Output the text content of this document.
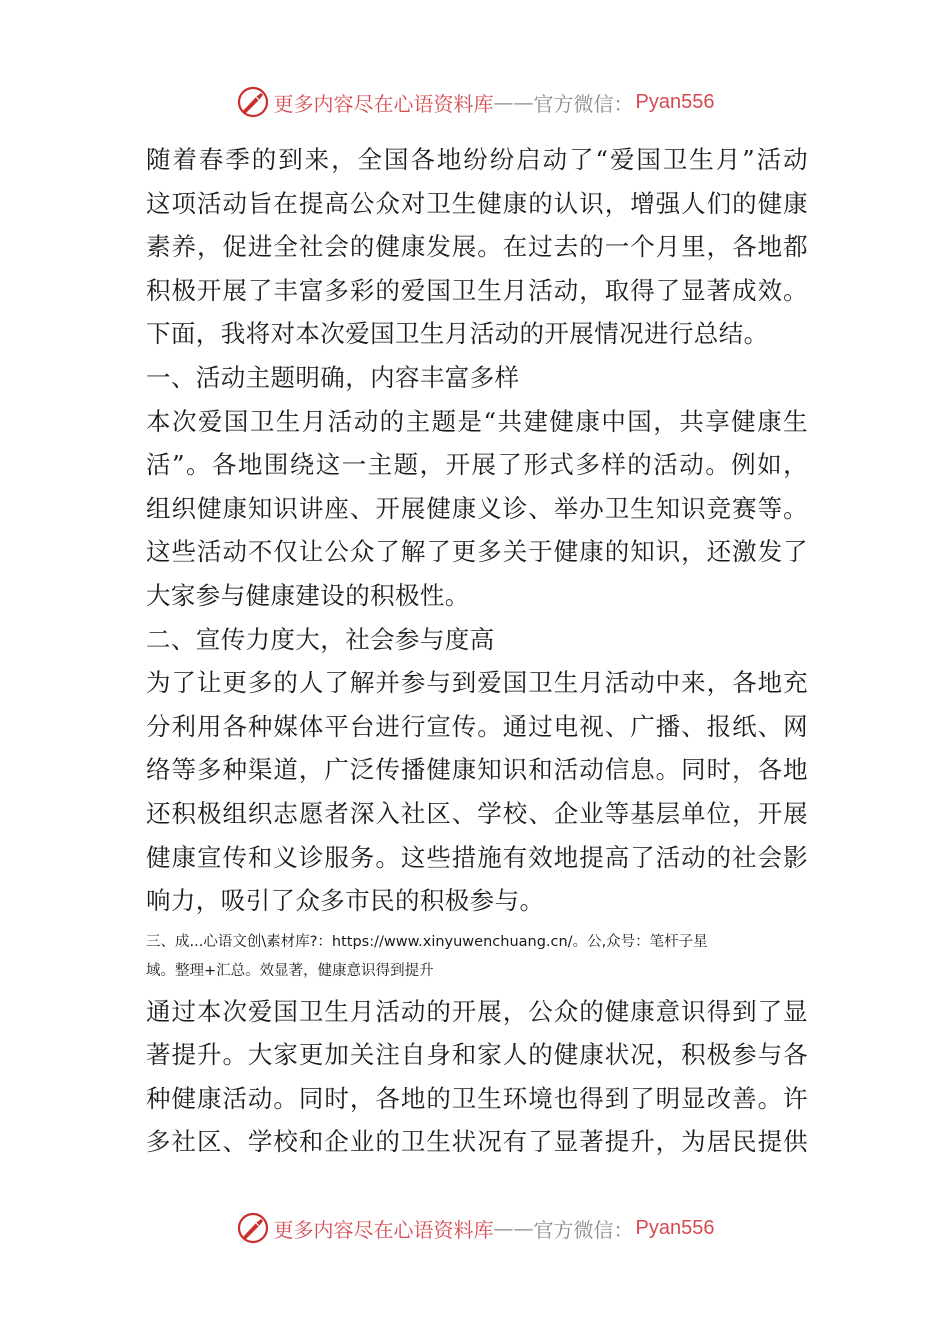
更多内容尽在心语资料库 —— 官方微信： Pyan556
随着春季的到来，全国各地纷纷启动了“爱国卫生月”活动
这项活动旨在提高公众对卫生健康的认识，增强人们的健康
素养，促进全社会的健康发展。在过去的一个月里，各地都
积极开展了丰富多彩的爱国卫生月活动，取得了显著成效。
下面，我将对本次爱国卫生月活动的开展情况进行总结。
一、活动主题明确，内容丰富多样
本次爱国卫生月活动的主题是“共建健康中国，共享健康生
活”。各地围绕这一主题，开展了形式多样的活动。例如，
组织健康知识讲座、开展健康义诊、举办卫生知识竞赛等。
这些活动不仅让公众了解了更多关于健康的知识，还激发了
大家参与健康建设的积极性。
二、宣传力度大，社会参与度高
为了让更多的人了解并参与到爱国卫生月活动中来，各地充
分利用各种媒体平台进行宣传。通过电视、广播、报纸、网
络等多种渠道，广泛传播健康知识和活动信息。同时，各地
还积极组织志愿者深入社区、学校、企业等基层单位，开展
健康宣传和义诊服务。这些措施有效地提高了活动的社会影
响力，吸引了众多市民的积极参与。
三、成...心语文创\素材库?：https://www.xinyuwenchuang.cn/。公,众号：笔杆子星
域。整理+汇总。效显著，健康意识得到提升
通过本次爱国卫生月活动的开展，公众的健康意识得到了显
著提升。大家更加关注自身和家人的健康状况，积极参与各
种健康活动。同时，各地的卫生环境也得到了明显改善。许
多社区、学校和企业的卫生状况有了显著提升，为居民提供
更多内容尽在心语资料库 —— 官方微信： Pyan556
